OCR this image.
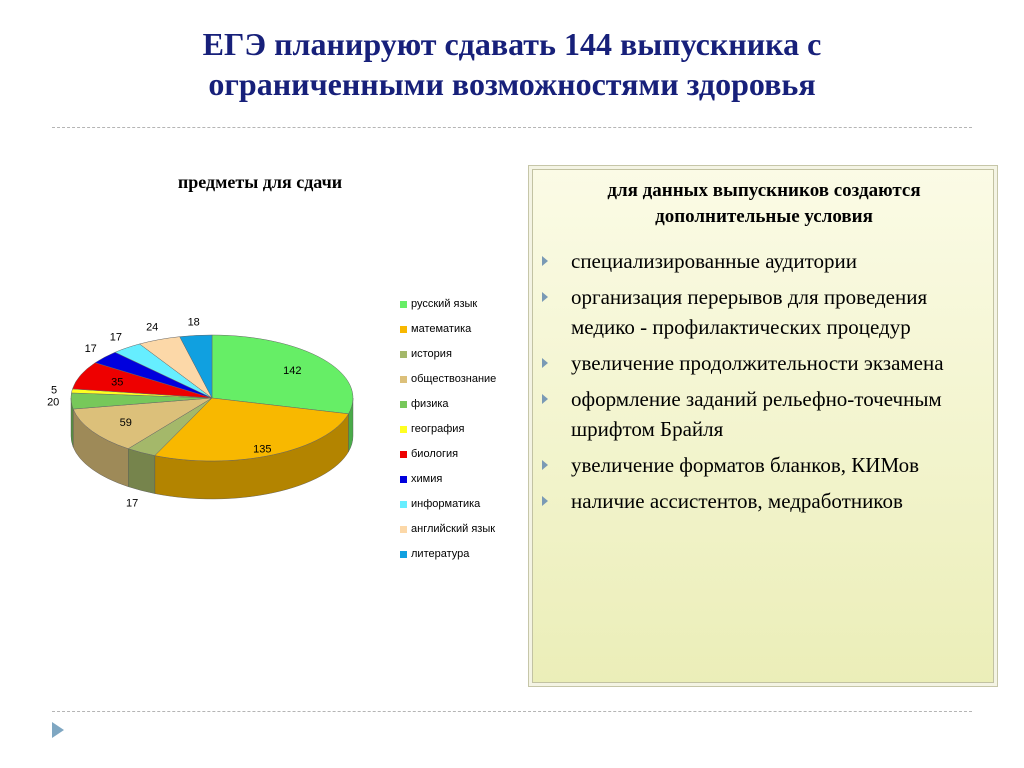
ЕГЭ планируют сдавать 144 выпускника с
ограниченными возможностями здоровья
предметы для сдачи
142
135
17
59
20
5
35
17
17
24	18
русский язык
математика
история
обществознание
физика
география
биология
химия
информатика
английский язык
литература
для данных выпускников создаются дополнительные условия
специализированные аудитории
организация перерывов для проведения медико - профилактических процедур
увеличение продолжительности экзамена
оформление заданий рельефно-точечным шрифтом Брайля
увеличение форматов бланков, КИМов
наличие ассистентов, медработников
